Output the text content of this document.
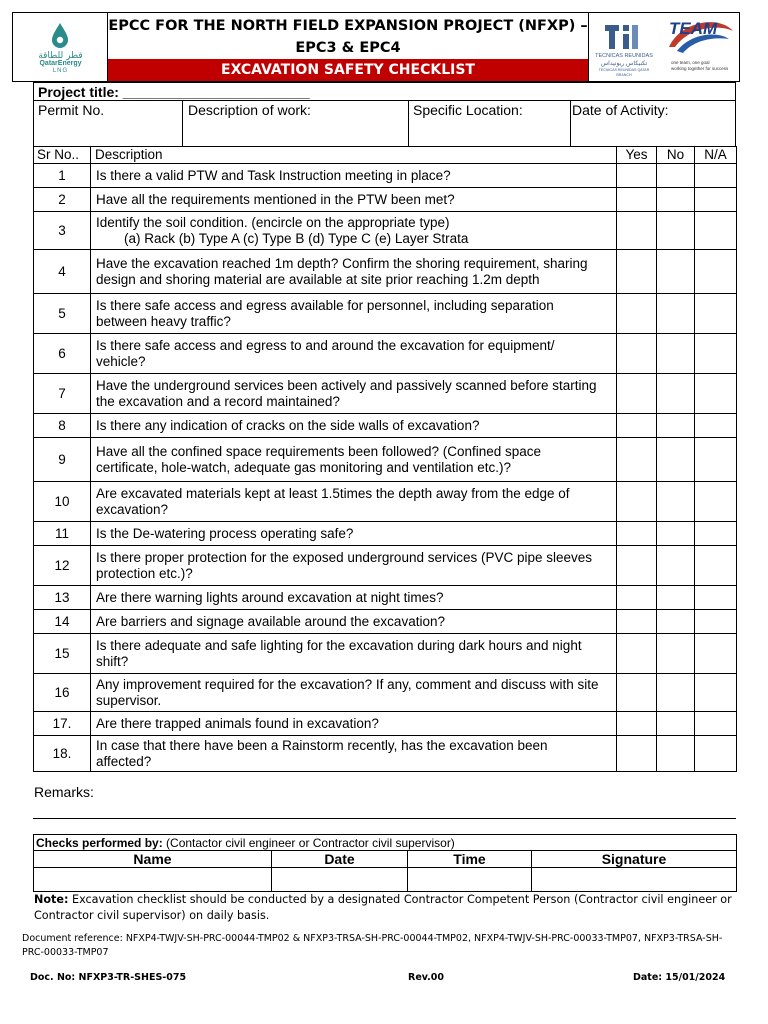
قطر للطاقة
QatarEnergy
LNG
EPCC FOR THE NORTH FIELD EXPANSION PROJECT (NFXP) –
EPC3 & EPC4
EXCAVATION SAFETY CHECKLIST
TECNICAS REUNIDAS
تكنيكاس ريونيداس
TECNICAS REUNIDAS QATAR BRANCH
TEAM
one team, one goal
working together for success
Project title: ________________________
Permit No.	Description of work:	Specific Location:	Date of Activity:
Sr No..	Description	Yes	No	N/A
1	Is there a valid PTW and Task Instruction meeting in place?			

2	Have all the requirements mentioned in the PTW been met?			

3	Identify the soil condition. (encircle on the appropriate type)
(a) Rack (b) Type A (c) Type B (d) Type C (e) Layer Strata			

4	Have the excavation reached 1m depth? Confirm the shoring requirement, sharing
design and shoring material are available at site prior reaching 1.2m depth			

5	Is there safe access and egress available for personnel, including separation
between heavy traffic?			

6	Is there safe access and egress to and around the excavation for equipment/
vehicle?			

7	Have the underground services been actively and passively scanned before starting
the excavation and a record maintained?			

8	Is there any indication of cracks on the side walls of excavation?			

9	Have all the confined space requirements been followed? (Confined space
certificate, hole-watch, adequate gas monitoring and ventilation etc.)?			

10	Are excavated materials kept at least 1.5times the depth away from the edge of
excavation?			

11	Is the De-watering process operating safe?			

12	Is there proper protection for the exposed underground services (PVC pipe sleeves
protection etc.)?			

13	Are there warning lights around excavation at night times?			

14	Are barriers and signage available around the excavation?			

15	Is there adequate and safe lighting for the excavation during dark hours and night
shift?			

16	Any improvement required for the excavation? If any, comment and discuss with site
supervisor.			

17.	Are there trapped animals found in excavation?			

18.	In case that there have been a Rainstorm recently, has the excavation been
affected?			

Remarks:
Checks performed by: (Contactor civil engineer or Contractor civil supervisor)			
Name	Date	Time	Signature

Note: Excavation checklist should be conducted by a designated Contractor Competent Person (Contractor civil engineer or Contractor civil supervisor) on daily basis.
Document reference: NFXP4-TWJV-SH-PRC-00044-TMP02 & NFXP3-TRSA-SH-PRC-00044-TMP02, NFXP4-TWJV-SH-PRC-00033-TMP07, NFXP3-TRSA-SH-PRC-00033-TMP07
Doc. No: NFXP3-TR-SHES-075	Rev.00	Date: 15/01/2024
